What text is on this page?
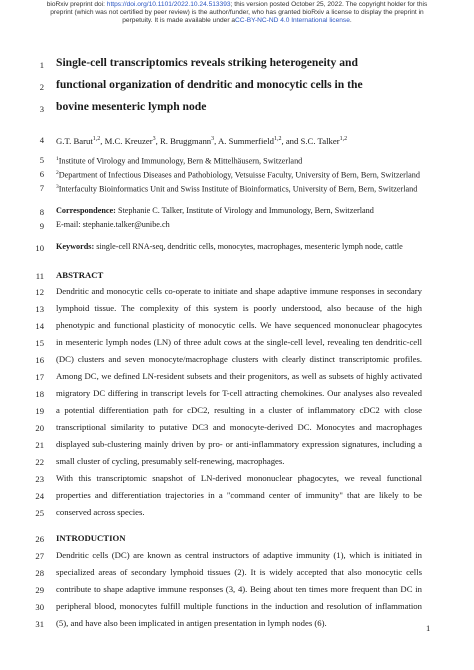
bioRxiv preprint doi: https://doi.org/10.1101/2022.10.24.513393; this version posted October 25, 2022. The copyright holder for this
preprint (which was not certified by peer review) is the author/funder, who has granted bioRxiv a license to display the preprint in
perpetuity. It is made available under aCC-BY-NC-ND 4.0 International license.
1
2
3
4
5
6
7
8
9
10
11
12
13
14
15
16
17
18
19
20
21
22
23
24
25
26
27
28
29
30
31
Single-cell transcriptomics reveals striking heterogeneity and
functional organization of dendritic and monocytic cells in the
bovine mesenteric lymph node
G.T. Barut$^{1,2}$, M.C. Kreuzer$^3$, R. Bruggmann$^3$, A. Summerfield$^{1,2}$, and S.C. Talker$^{1,2}$
$^1$Institute of Virology and Immunology, Bern & Mittelhäusern, Switzerland
$^2$Department of Infectious Diseases and Pathobiology, Vetsuisse Faculty, University of Bern, Bern, Switzerland
$^3$Interfaculty Bioinformatics Unit and Swiss Institute of Bioinformatics, University of Bern, Bern, Switzerland
Correspondence: Stephanie C. Talker, Institute of Virology and Immunology, Bern, Switzerland
E-mail: stephanie.talker@unibe.ch
Keywords: single-cell RNA-seq, dendritic cells, monocytes, macrophages, mesenteric lymph node, cattle
ABSTRACT
Dendritic and monocytic cells co-operate to initiate and shape adaptive immune responses in secondary
lymphoid tissue. The complexity of this system is poorly understood, also because of the high
phenotypic and functional plasticity of monocytic cells. We have sequenced mononuclear phagocytes
in mesenteric lymph nodes (LN) of three adult cows at the single-cell level, revealing ten dendritic-cell
(DC) clusters and seven monocyte/macrophage clusters with clearly distinct transcriptomic profiles.
Among DC, we defined LN-resident subsets and their progenitors, as well as subsets of highly activated
migratory DC differing in transcript levels for T-cell attracting chemokines. Our analyses also revealed
a potential differentiation path for cDC2, resulting in a cluster of inflammatory cDC2 with close
transcriptional similarity to putative DC3 and monocyte-derived DC. Monocytes and macrophages
displayed sub-clustering mainly driven by pro- or anti-inflammatory expression signatures, including a
small cluster of cycling, presumably self-renewing, macrophages.
With this transcriptomic snapshot of LN-derived mononuclear phagocytes, we reveal functional
properties and differentiation trajectories in a "command center of immunity" that are likely to be
conserved across species.
INTRODUCTION
Dendritic cells (DC) are known as central instructors of adaptive immunity (1), which is initiated in
specialized areas of secondary lymphoid tissues (2). It is widely accepted that also monocytic cells
contribute to shape adaptive immune responses (3, 4). Being about ten times more frequent than DC in
peripheral blood, monocytes fulfill multiple functions in the induction and resolution of inflammation
(5), and have also been implicated in antigen presentation in lymph nodes (6).	1
